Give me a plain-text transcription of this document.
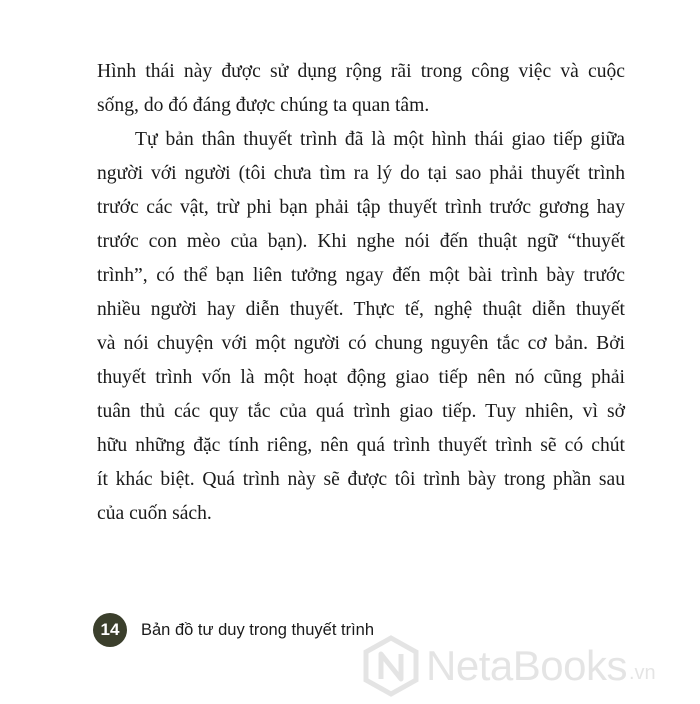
Hình thái này được sử dụng rộng rãi trong công việc và cuộc
sống, do đó đáng được chúng ta quan tâm.
Tự bản thân thuyết trình đã là một hình thái giao tiếp giữa
người với người (tôi chưa tìm ra lý do tại sao phải thuyết trình
trước các vật, trừ phi bạn phải tập thuyết trình trước gương hay
trước con mèo của bạn). Khi nghe nói đến thuật ngữ “thuyết
trình”, có thể bạn liên tưởng ngay đến một bài trình bày trước
nhiều người hay diễn thuyết. Thực tế, nghệ thuật diễn thuyết
và nói chuyện với một người có chung nguyên tắc cơ bản. Bởi
thuyết trình vốn là một hoạt động giao tiếp nên nó cũng phải
tuân thủ các quy tắc của quá trình giao tiếp. Tuy nhiên, vì sở
hữu những đặc tính riêng, nên quá trình thuyết trình sẽ có chút
ít khác biệt. Quá trình này sẽ được tôi trình bày trong phần sau
của cuốn sách.
14 Bản đồ tư duy trong thuyết trình
NetaBooks .vn
